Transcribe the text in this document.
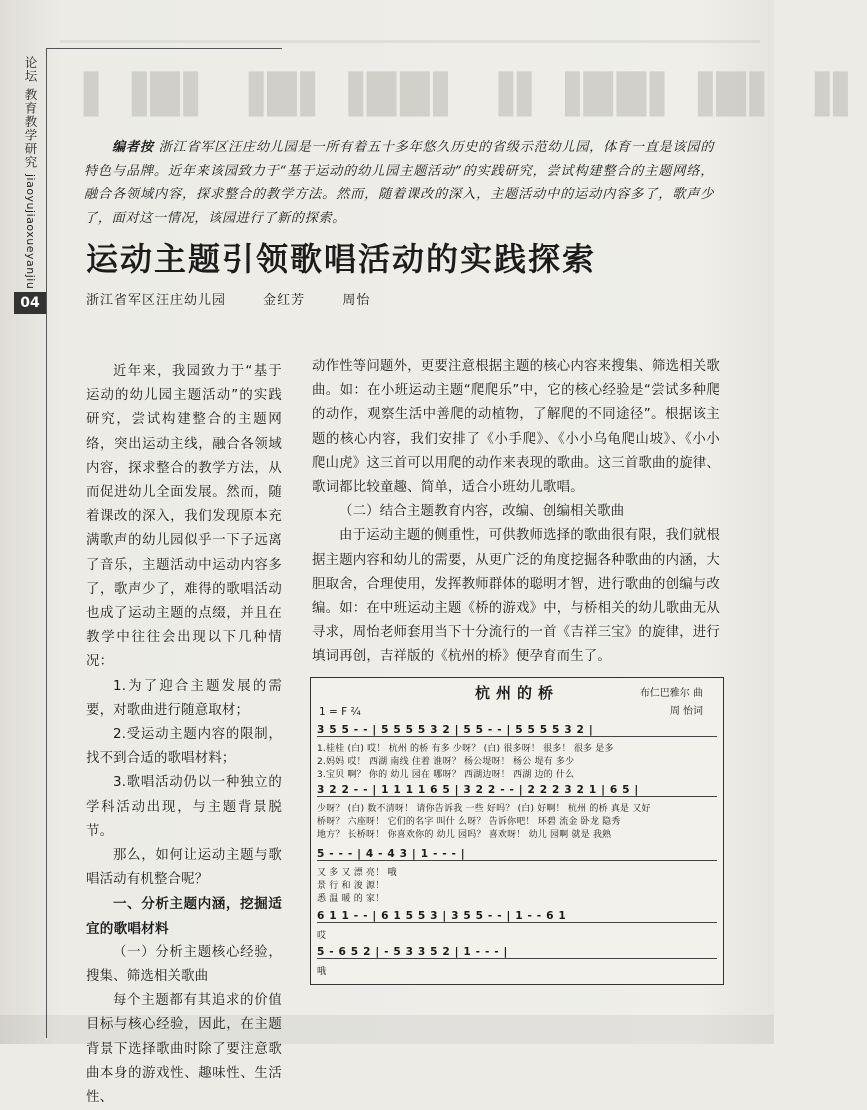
▌▐█▌ ▐█▌▐██▌ ▐▌▐██▌▐█▌ ▐▌
论坛 教育教学研究 jiaoyujiaoxueyanjiu
04
编者按 浙江省军区汪庄幼儿园是一所有着五十多年悠久历史的省级示范幼儿园，体育一直是该园的特色与品牌。近年来该园致力于“基于运动的幼儿园主题活动”的实践研究，尝试构建整合的主题网络，融合各领域内容，探求整合的教学方法。然而，随着课改的深入，主题活动中的运动内容多了，歌声少了，面对这一情况，该园进行了新的探索。
运动主题引领歌唱活动的实践探索
浙江省军区汪庄幼儿园	金红芳	周怡

近年来，我园致力于“基于运动的幼儿园主题活动”的实践研究，尝试构建整合的主题网络，突出运动主线，融合各领域内容，探求整合的教学方法，从而促进幼儿全面发展。然而，随着课改的深入，我们发现原本充满歌声的幼儿园似乎一下子远离了音乐，主题活动中运动内容多了，歌声少了，难得的歌唱活动也成了运动主题的点缀，并且在教学中往往会出现以下几种情况：

1.为了迎合主题发展的需要，对歌曲进行随意取材；

2.受运动主题内容的限制，找不到合适的歌唱材料；

3.歌唱活动仍以一种独立的学科活动出现，与主题背景脱节。

那么，如何让运动主题与歌唱活动有机整合呢？

一、分析主题内涵，挖掘适宜的歌唱材料

（一）分析主题核心经验，搜集、筛选相关歌曲

每个主题都有其追求的价值目标与核心经验，因此，在主题背景下选择歌曲时除了要注意歌曲本身的游戏性、趣味性、生活性、

动作性等问题外，更要注意根据主题的核心内容来搜集、筛选相关歌曲。如：在小班运动主题“爬爬乐”中，它的核心经验是“尝试多种爬的动作，观察生活中善爬的动植物，了解爬的不同途径”。根据该主题的核心内容，我们安排了《小手爬》、《小小乌龟爬山坡》、《小小爬山虎》这三首可以用爬的动作来表现的歌曲。这三首歌曲的旋律、歌词都比较童趣、简单，适合小班幼儿歌唱。

（二）结合主题教育内容，改编、创编相关歌曲

由于运动主题的侧重性，可供教师选择的歌曲很有限，我们就根据主题内容和幼儿的需要，从更广泛的角度挖掘各种歌曲的内涵，大胆取舍，合理使用，发挥教师群体的聪明才智，进行歌曲的创编与改编。如：在中班运动主题《桥的游戏》中，与桥相关的幼儿歌曲无从寻求，周怡老师套用当下十分流行的一首《吉祥三宝》的旋律，进行填词再创，吉祥版的《杭州的桥》便孕育而生了。

杭州的桥	布仁巴雅尔 曲
周 怡词
1 = F ²⁄₄
3 5 5 - - | 5 5 5 5 3 2 | 5 5 - - | 5 5 5 5 3 2 |
1.桂桂 (白) 哎！ 杭州 的桥 有多 少呀？ (白) 很多呀！ 很多！ 很多 是多
2.妈妈 哎！ 西湖 南线 住着 谁呀？ 杨公堤呀！ 杨公 堤有 多少
3.宝贝 啊？ 你的 幼儿 园在 哪呀？ 西湖边呀！ 西湖 边的 什么
3 2 2 - - | 1 1 1 1 6 5 | 3 2 2 - - | 2 2 2 3 2 1 | 6 5 |
少呀？ (白) 数不清呀！ 请你告诉我 一些 好吗？ (白) 好啊！ 杭州 的桥 真是 又好
桥呀？ 六座呀！ 它们的名字 叫什 么呀？ 告诉你吧！ 环碧 流金 卧龙 隐秀
地方？ 长桥呀！ 你喜欢你的 幼儿 园吗？ 喜欢呀！ 幼儿 园啊 就是 我熟
5 - - - | 4 - 4 3 | 1 - - - |
又 多 又 漂 亮！ 哦
景 行 和 浚 源！
悉 温 暖 的 家！
6 1 1 - - | 6 1 5 5 3 | 3 5 5 - - | 1 - - 6 1
哎
5 - 6 5 2 | - 5 3 3 5 2 | 1 - - - |
哦
